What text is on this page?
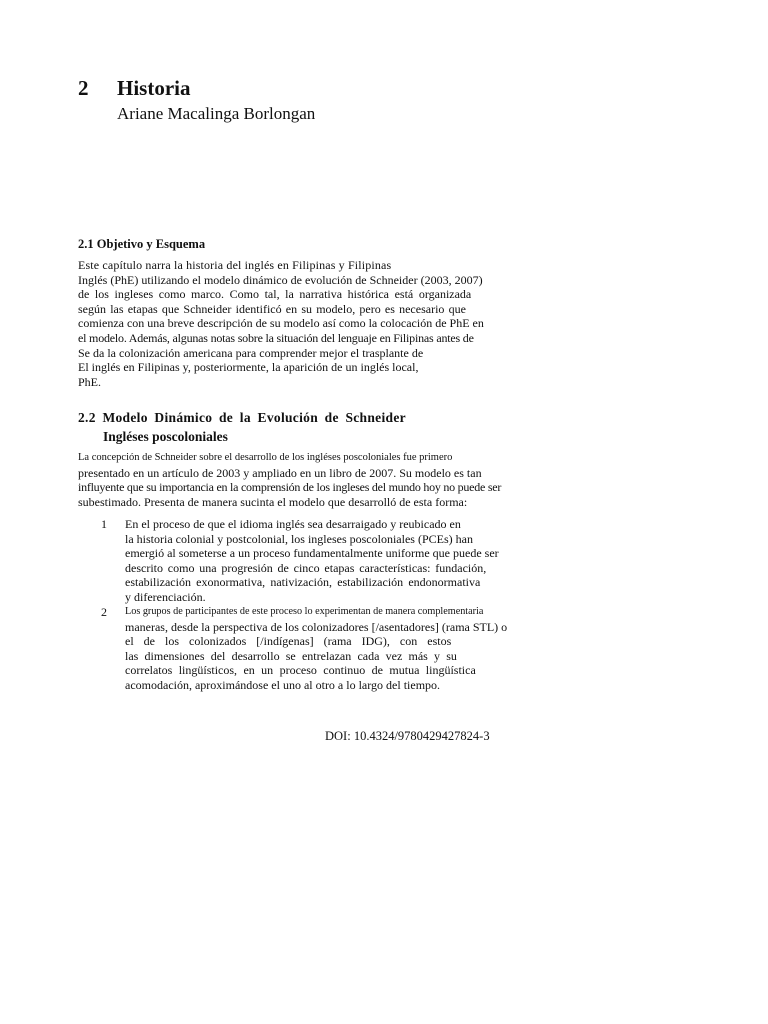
2 Historia
Ariane Macalinga Borlongan
2.1 Objetivo y Esquema
Este capítulo narra la historia del inglés en Filipinas y Filipinas
Inglés (PhE) utilizando el modelo dinámico de evolución de Schneider (2003, 2007)
de los ingleses como marco. Como tal, la narrativa histórica está organizada
según las etapas que Schneider identificó en su modelo, pero es necesario que
comienza con una breve descripción de su modelo así como la colocación de PhE en
el modelo. Además, algunas notas sobre la situación del lenguaje en Filipinas antes de
Se da la colonización americana para comprender mejor el trasplante de
El inglés en Filipinas y, posteriormente, la aparición de un inglés local,
PhE.
2.2 Modelo Dinámico de la Evolución de Schneider
Ingléses poscoloniales
La concepción de Schneider sobre el desarrollo de los ingléses poscoloniales fue primero
presentado en un artículo de 2003 y ampliado en un libro de 2007. Su modelo es tan
influyente que su importancia en la comprensión de los ingleses del mundo hoy no puede ser
subestimado. Presenta de manera sucinta el modelo que desarrolló de esta forma:
1 En el proceso de que el idioma inglés sea desarraigado y reubicado en
la historia colonial y postcolonial, los ingleses poscoloniales (PCEs) han
emergió al someterse a un proceso fundamentalmente uniforme que puede ser
descrito como una progresión de cinco etapas características: fundación,
estabilización exonormativa, nativización, estabilización endonormativa
y diferenciación.
2 Los grupos de participantes de este proceso lo experimentan de manera complementaria
maneras, desde la perspectiva de los colonizadores [/asentadores] (rama STL) o
el de los colonizados [/indígenas] (rama IDG), con estos
las dimensiones del desarrollo se entrelazan cada vez más y su
correlatos lingüísticos, en un proceso continuo de mutua lingüística
acomodación, aproximándose el uno al otro a lo largo del tiempo.
DOI: 10.4324/9780429427824-3
